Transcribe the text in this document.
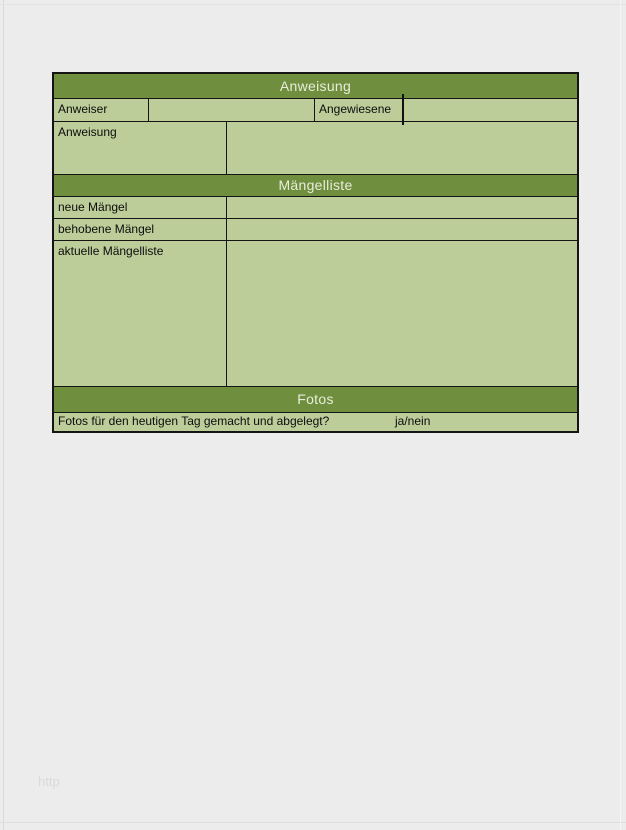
Anweisung
Anweiser	Angewiesene
Anweisung
Mängelliste
neue Mängel
behobene Mängel
aktuelle Mängelliste
Fotos
Fotos für den heutigen Tag gemacht und abgelegt?	ja/nein
http
